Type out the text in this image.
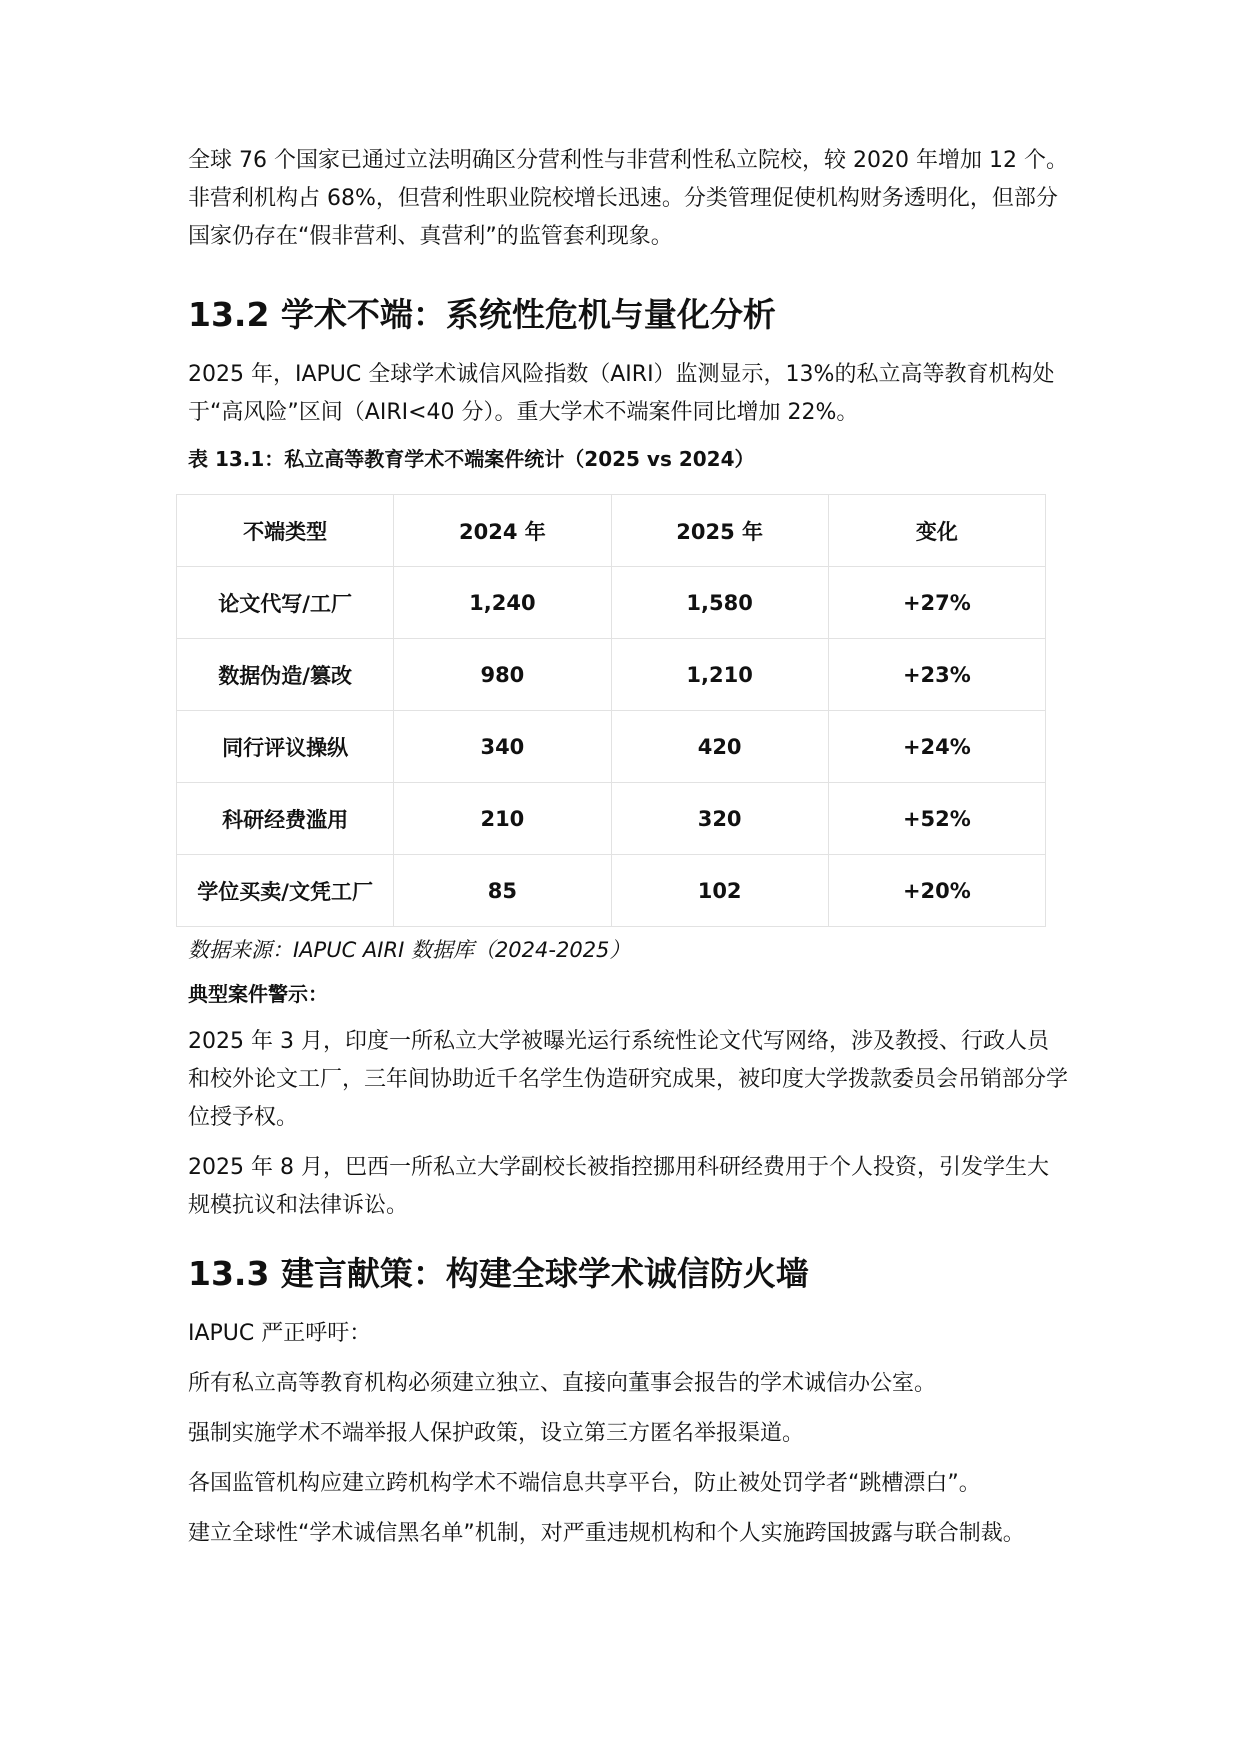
全球 76 个国家已通过立法明确区分营利性与非营利性私立院校，较 2020 年增加 12 个。非营利机构占 68%，但营利性职业院校增长迅速。分类管理促使机构财务透明化，但部分国家仍存在“假非营利、真营利”的监管套利现象。

13.2 学术不端：系统性危机与量化分析

2025 年，IAPUC 全球学术诚信风险指数（AIRI）监测显示，13%的私立高等教育机构处于“高风险”区间（AIRI<40 分）。重大学术不端案件同比增加 22%。

表 13.1：私立高等教育学术不端案件统计（2025 vs 2024）
不端类型	2024 年	2025 年	变化
论文代写/工厂	1,240	1,580	+27%
数据伪造/篡改	980	1,210	+23%
同行评议操纵	340	420	+24%
科研经费滥用	210	320	+52%
学位买卖/文凭工厂	85	102	+20%
数据来源：IAPUC AIRI 数据库（2024-2025）
典型案件警示：

2025 年 3 月，印度一所私立大学被曝光运行系统性论文代写网络，涉及教授、行政人员和校外论文工厂，三年间协助近千名学生伪造研究成果，被印度大学拨款委员会吊销部分学位授予权。

2025 年 8 月，巴西一所私立大学副校长被指控挪用科研经费用于个人投资，引发学生大规模抗议和法律诉讼。

13.3 建言献策：构建全球学术诚信防火墙

IAPUC 严正呼吁：

所有私立高等教育机构必须建立独立、直接向董事会报告的学术诚信办公室。

强制实施学术不端举报人保护政策，设立第三方匿名举报渠道。

各国监管机构应建立跨机构学术不端信息共享平台，防止被处罚学者“跳槽漂白”。

建立全球性“学术诚信黑名单”机制，对严重违规机构和个人实施跨国披露与联合制裁。
